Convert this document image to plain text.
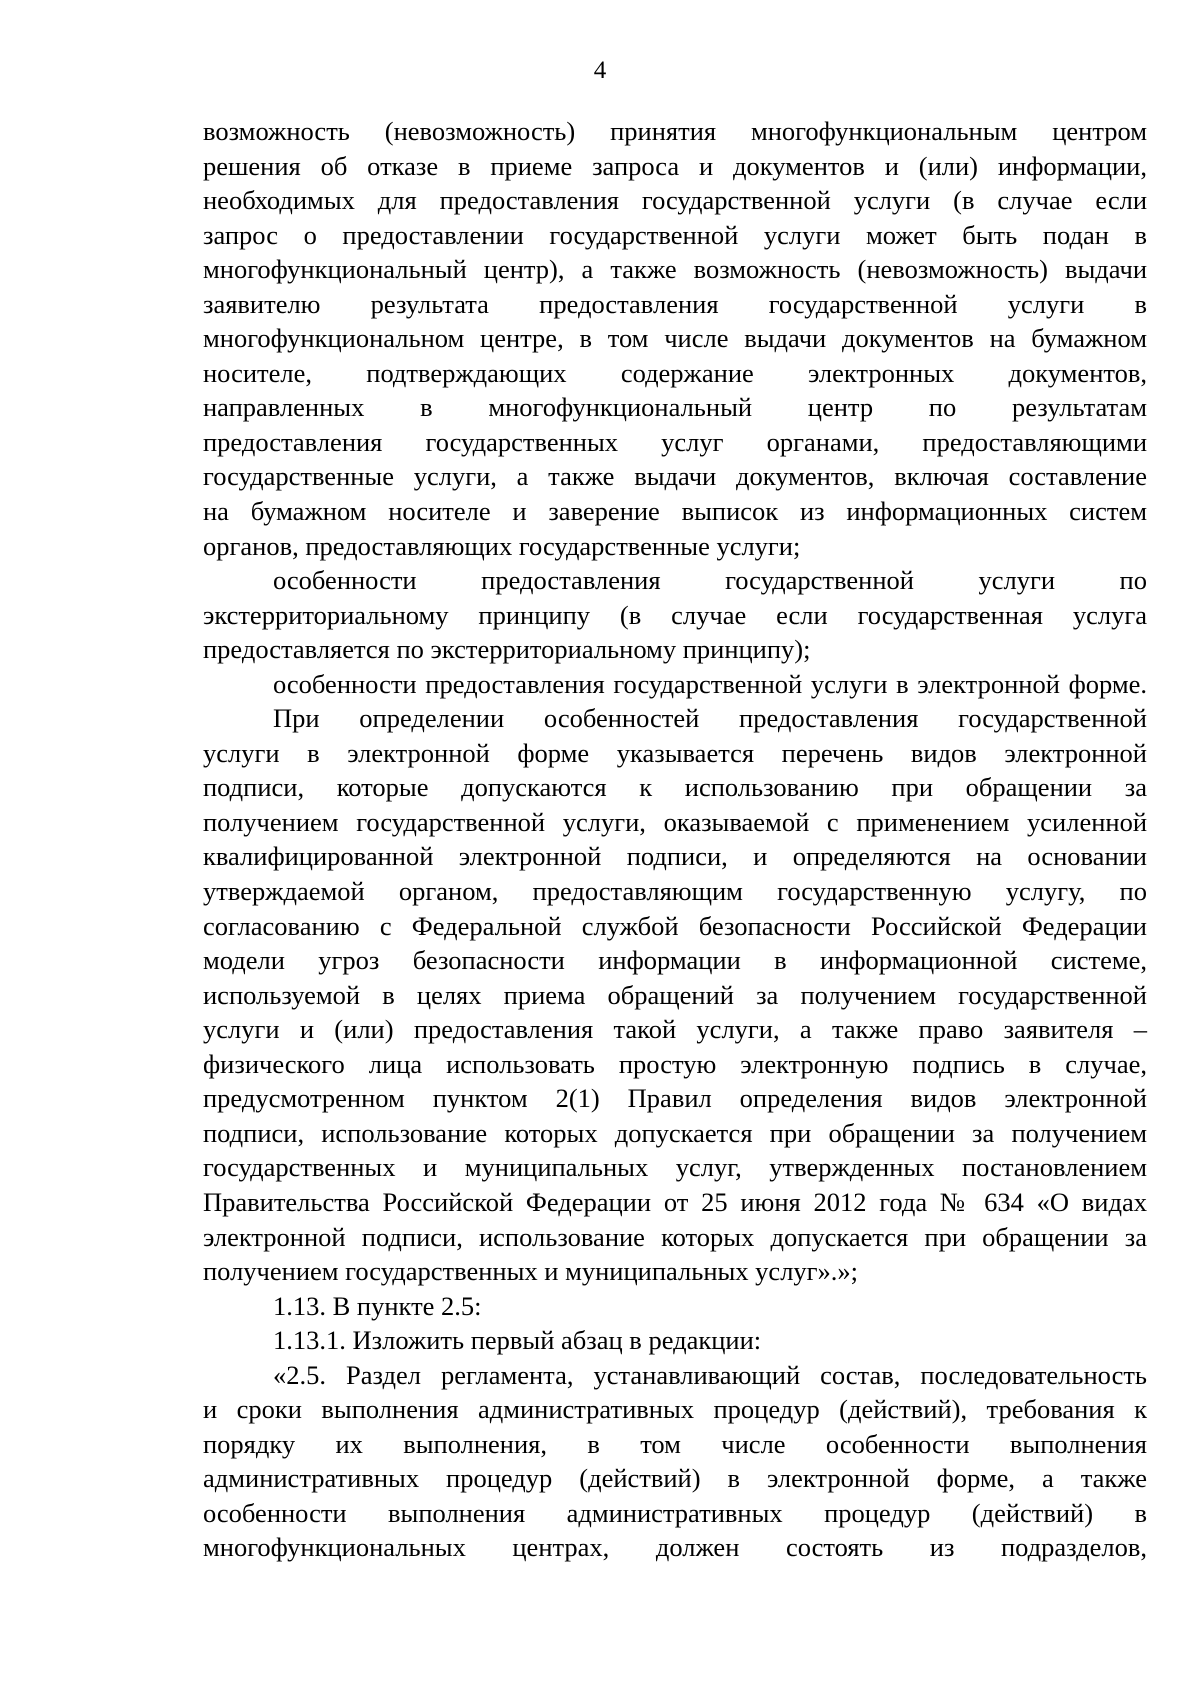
4
возможность (невозможность) принятия многофункциональным центром
решения об отказе в приеме запроса и документов и (или) информации,
необходимых для предоставления государственной услуги (в случае если
запрос о предоставлении государственной услуги может быть подан в
многофункциональный центр), а также возможность (невозможность) выдачи
заявителю результата предоставления государственной услуги в
многофункциональном центре, в том числе выдачи документов на бумажном
носителе, подтверждающих содержание электронных документов,
направленных в многофункциональный центр по результатам
предоставления государственных услуг органами, предоставляющими
государственные услуги, а также выдачи документов, включая составление
на бумажном носителе и заверение выписок из информационных систем
органов, предоставляющих государственные услуги;
особенности предоставления государственной услуги по
экстерриториальному принципу (в случае если государственная услуга
предоставляется по экстерриториальному принципу);
особенности предоставления государственной услуги в электронной форме.
При определении особенностей предоставления государственной
услуги в электронной форме указывается перечень видов электронной
подписи, которые допускаются к использованию при обращении за
получением государственной услуги, оказываемой с применением усиленной
квалифицированной электронной подписи, и определяются на основании
утверждаемой органом, предоставляющим государственную услугу, по
согласованию с Федеральной службой безопасности Российской Федерации
модели угроз безопасности информации в информационной системе,
используемой в целях приема обращений за получением государственной
услуги и (или) предоставления такой услуги, а также право заявителя –
физического лица использовать простую электронную подпись в случае,
предусмотренном пунктом 2(1) Правил определения видов электронной
подписи, использование которых допускается при обращении за получением
государственных и муниципальных услуг, утвержденных постановлением
Правительства Российской Федерации от 25 июня 2012 года № 634 «О видах
электронной подписи, использование которых допускается при обращении за
получением государственных и муниципальных услуг».»;
1.13. В пункте 2.5:
1.13.1. Изложить первый абзац в редакции:
«2.5. Раздел регламента, устанавливающий состав, последовательность
и сроки выполнения административных процедур (действий), требования к
порядку их выполнения, в том числе особенности выполнения
административных процедур (действий) в электронной форме, а также
особенности выполнения административных процедур (действий) в
многофункциональных центрах, должен состоять из подразделов,
